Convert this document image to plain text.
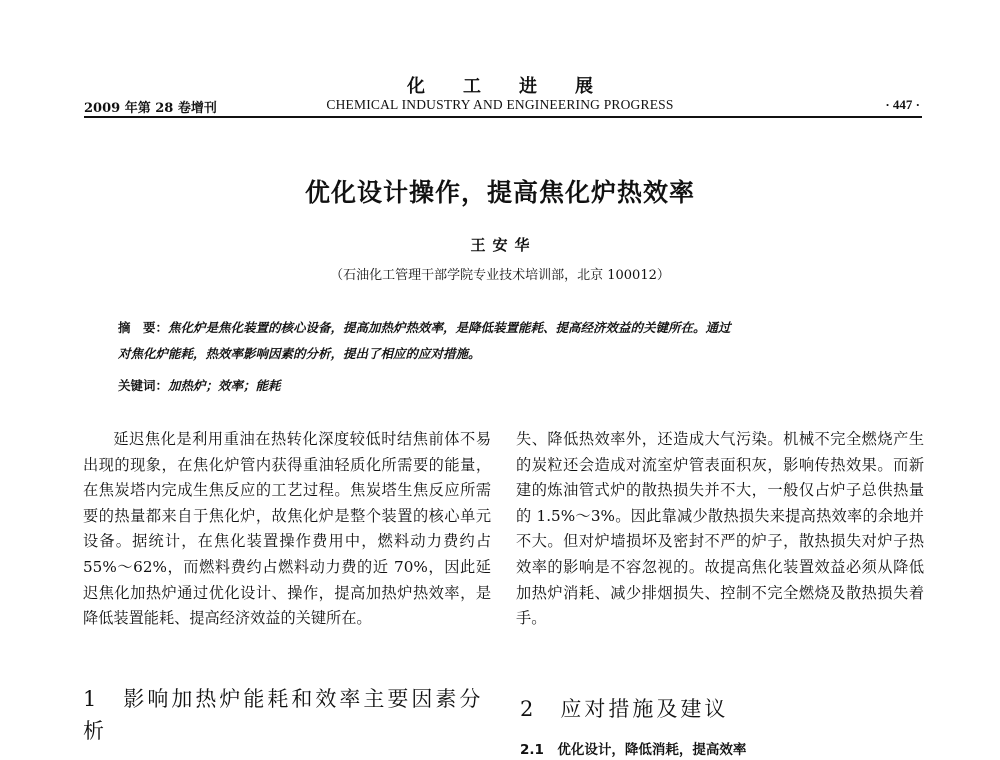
化工进展
2009 年第 28 卷增刊	CHEMICAL INDUSTRY AND ENGINEERING PROGRESS	· 447 ·
优化设计操作，提高焦化炉热效率
王安华
（石油化工管理干部学院专业技术培训部，北京 100012）
摘　要：焦化炉是焦化装置的核心设备，提高加热炉热效率，是降低装置能耗、提高经济效益的关键所在。通过
对焦化炉能耗，热效率影响因素的分析，提出了相应的应对措施。
关键词：加热炉；效率；能耗

延迟焦化是利用重油在热转化深度较低时结焦前体不易出现的现象，在焦化炉管内获得重油轻质化所需要的能量，在焦炭塔内完成生焦反应的工艺过程。焦炭塔生焦反应所需要的热量都来自于焦化炉，故焦化炉是整个装置的核心单元设备。据统计，在焦化装置操作费用中，燃料动力费约占 55%～62%，而燃料费约占燃料动力费的近 70%，因此延迟焦化加热炉通过优化设计、操作，提高加热炉热效率，是降低装置能耗、提高经济效益的关键所在。

失、降低热效率外，还造成大气污染。机械不完全燃烧产生的炭粒还会造成对流室炉管表面积灰，影响传热效果。而新建的炼油管式炉的散热损失并不大，一般仅占炉子总供热量的 1.5%～3%。因此靠减少散热损失来提高热效率的余地并不大。但对炉墙损坏及密封不严的炉子，散热损失对炉子热效率的影响是不容忽视的。故提高焦化装置效益必须从降低加热炉消耗、减少排烟损失、控制不完全燃烧及散热损失着手。

1　影响加热炉能耗和效率主要因素分析
2　应对措施及建议
2.1　优化设计，降低消耗，提高效率
